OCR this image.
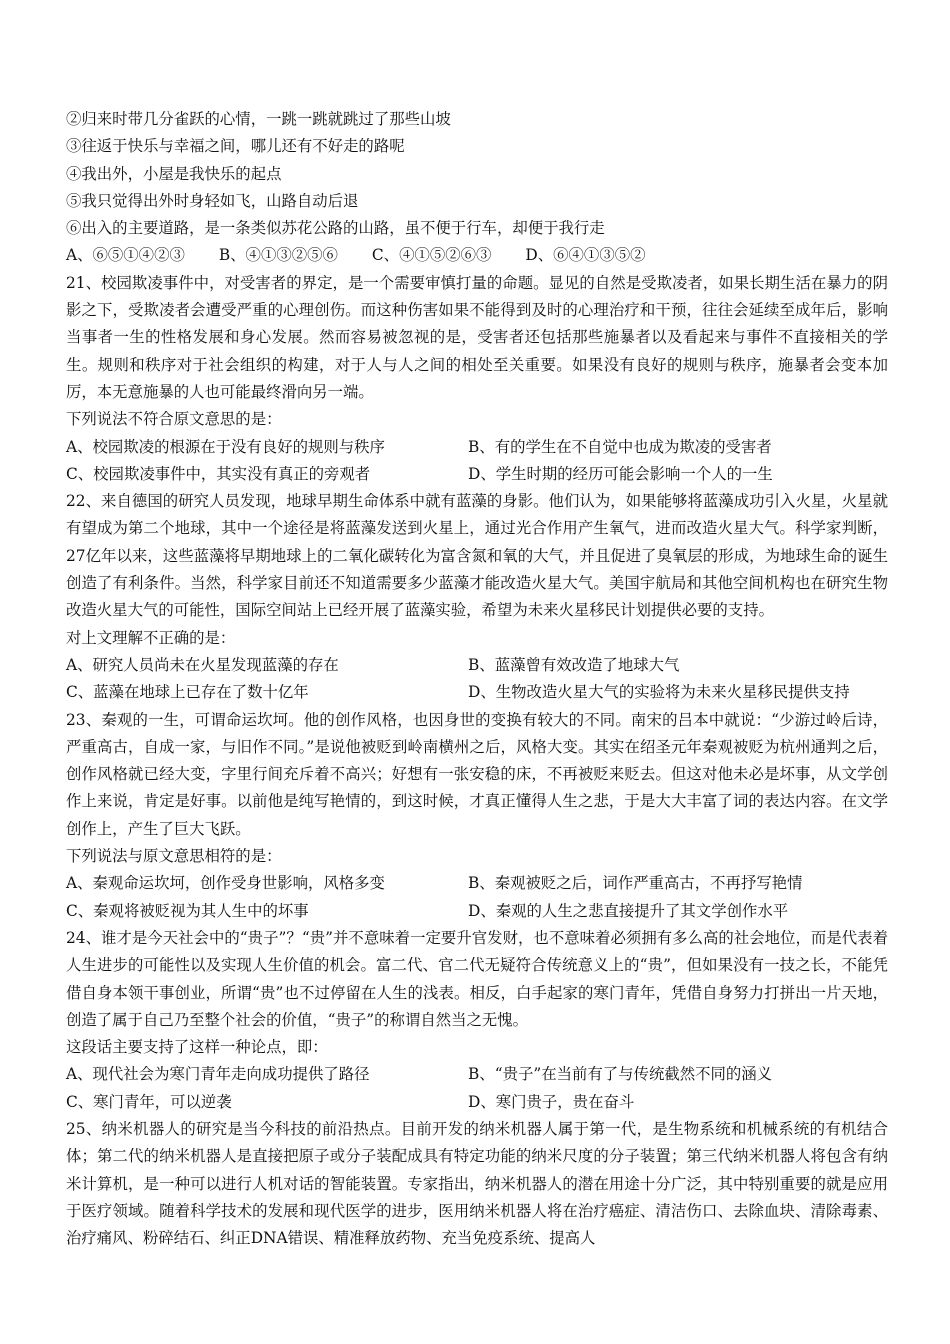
②归来时带几分雀跃的心情，一跳一跳就跳过了那些山坡
③往返于快乐与幸福之间，哪儿还有不好走的路呢
④我出外，小屋是我快乐的起点
⑤我只觉得出外时身轻如飞，山路自动后退
⑥出入的主要道路，是一条类似苏花公路的山路，虽不便于行车，却便于我行走
A、⑥⑤①④②③ B、④①③②⑤⑥ C、④①⑤②⑥③ D、⑥④①③⑤②

21、校园欺凌事件中，对受害者的界定，是一个需要审慎打量的命题。显见的自然是受欺凌者，如果长期生活在暴力的阴影之下，受欺凌者会遭受严重的心理创伤。而这种伤害如果不能得到及时的心理治疗和干预，往往会延续至成年后，影响当事者一生的性格发展和身心发展。然而容易被忽视的是，受害者还包括那些施暴者以及看起来与事件不直接相关的学生。规则和秩序对于社会组织的构建，对于人与人之间的相处至关重要。如果没有良好的规则与秩序，施暴者会变本加厉，本无意施暴的人也可能最终滑向另一端。

下列说法不符合原文意思的是：
A、校园欺凌的根源在于没有良好的规则与秩序	B、有的学生在不自觉中也成为欺凌的受害者
C、校园欺凌事件中，其实没有真正的旁观者	D、学生时期的经历可能会影响一个人的一生

22、来自德国的研究人员发现，地球早期生命体系中就有蓝藻的身影。他们认为，如果能够将蓝藻成功引入火星，火星就有望成为第二个地球，其中一个途径是将蓝藻发送到火星上，通过光合作用产生氧气，进而改造火星大气。科学家判断，27亿年以来，这些蓝藻将早期地球上的二氧化碳转化为富含氮和氧的大气，并且促进了臭氧层的形成，为地球生命的诞生创造了有利条件。当然，科学家目前还不知道需要多少蓝藻才能改造火星大气。美国宇航局和其他空间机构也在研究生物改造火星大气的可能性，国际空间站上已经开展了蓝藻实验，希望为未来火星移民计划提供必要的支持。

对上文理解不正确的是：
A、研究人员尚未在火星发现蓝藻的存在	B、蓝藻曾有效改造了地球大气
C、蓝藻在地球上已存在了数十亿年	D、生物改造火星大气的实验将为未来火星移民提供支持

23、秦观的一生，可谓命运坎坷。他的创作风格，也因身世的变换有较大的不同。南宋的吕本中就说：“少游过岭后诗，严重高古，自成一家，与旧作不同。”是说他被贬到岭南横州之后，风格大变。其实在绍圣元年秦观被贬为杭州通判之后，创作风格就已经大变，字里行间充斥着不高兴；好想有一张安稳的床，不再被贬来贬去。但这对他未必是坏事，从文学创作上来说，肯定是好事。以前他是纯写艳情的，到这时候，才真正懂得人生之悲，于是大大丰富了词的表达内容。在文学创作上，产生了巨大飞跃。

下列说法与原文意思相符的是：
A、秦观命运坎坷，创作受身世影响，风格多变	B、秦观被贬之后，词作严重高古，不再抒写艳情
C、秦观将被贬视为其人生中的坏事	D、秦观的人生之悲直接提升了其文学创作水平

24、谁才是今天社会中的“贵子”？“贵”并不意味着一定要升官发财，也不意味着必须拥有多么高的社会地位，而是代表着人生进步的可能性以及实现人生价值的机会。富二代、官二代无疑符合传统意义上的“贵”，但如果没有一技之长，不能凭借自身本领干事创业，所谓“贵”也不过停留在人生的浅表。相反，白手起家的寒门青年，凭借自身努力打拼出一片天地，创造了属于自己乃至整个社会的价值，“贵子”的称谓自然当之无愧。

这段话主要支持了这样一种论点，即：
A、现代社会为寒门青年走向成功提供了路径	B、“贵子”在当前有了与传统截然不同的涵义
C、寒门青年，可以逆袭	D、寒门贵子，贵在奋斗

25、纳米机器人的研究是当今科技的前沿热点。目前开发的纳米机器人属于第一代，是生物系统和机械系统的有机结合体；第二代的纳米机器人是直接把原子或分子装配成具有特定功能的纳米尺度的分子装置；第三代纳米机器人将包含有纳米计算机，是一种可以进行人机对话的智能装置。专家指出，纳米机器人的潜在用途十分广泛，其中特别重要的就是应用于医疗领域。随着科学技术的发展和现代医学的进步，医用纳米机器人将在治疗癌症、清洁伤口、去除血块、清除毒素、治疗痛风、粉碎结石、纠正DNA错误、精准释放药物、充当免疫系统、提高人
